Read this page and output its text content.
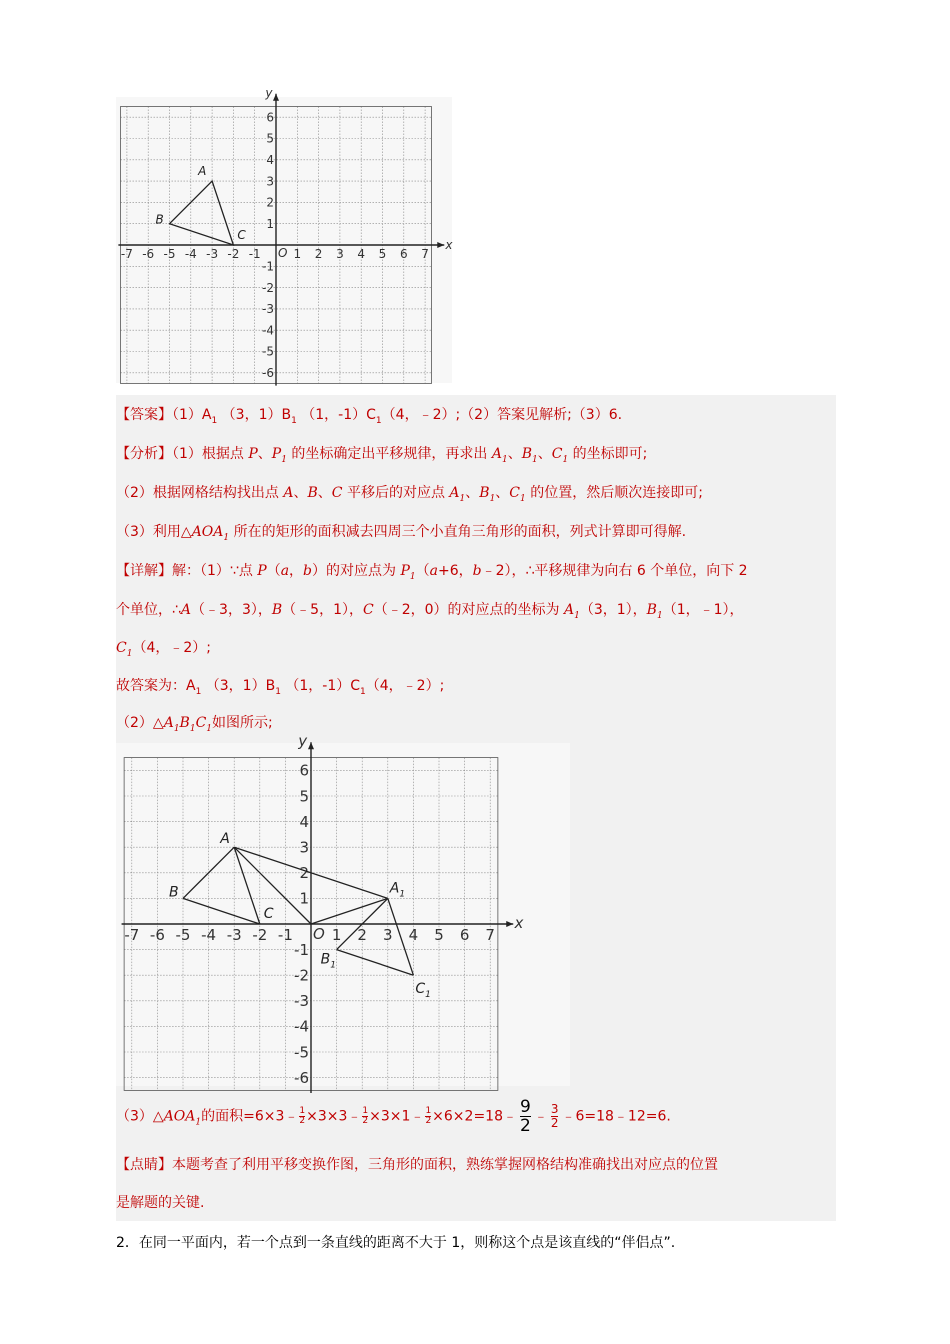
x
y
O
-7 -6 -5 -4 -3 -2 -1	1 2 3 4 5 6 7
6
5
4
3
2
1
-1
-2
-3
-4
-5
-6
A
B
C
【答案】$(1)A_1$ （3，$1)B_1$ （1，$-1)C_1(4$，﹣2）;（2）答案见解析;（3）6.
【分析】（1）根据点 P、$P_1$ 的坐标确定出平移规律，再求出 $A_1$、$B_1$、$C_1$ 的坐标即可;
（2）根据网格结构找出点 A、B、C 平移后的对应点 $A_1$、$B_1$、$C_1$ 的位置，然后顺次连接即可;
（3）利用$\triangle AOA_1$ 所在的矩形的面积减去四周三个小直角三角形的面积，列式计算即可得解.
【详解】解：（1）∵点 P（a，b）的对应点为 $P_1(a+6$，b﹣2），∴平移规律为向右 6 个单位，向下 2
个单位，∴A（﹣3，3），B（﹣5，1），C（﹣2，0）的对应点的坐标为 $A_1(3$，1），$B_1(1$，﹣1），
$C_1(4$，﹣2）;
故答案为：$A_1$ （3，$1)B_1$ （1，$-1)C_1(4$，﹣2）;
$(2)\triangle A_1B_1C_1$如图所示;
x
y
O
-7 -6 -5 -4 -3 -2 -1	1 2 3 4 5 6 7
6
5
4
3
2
1
-1
-2
-3
-4
-5
-6
A
B
C
$A_1$
$B_1$
$C_1$
$(3)\triangle AOA_1$的面积=6×3﹣ $\frac{1}{2}$ ×3×3﹣ $\frac{1}{2}$ ×3×1﹣ $\frac{1}{2}$ ×6×2=18﹣ $\frac{9}{2}$ ﹣ $\frac{3}{2}$ ﹣6=18﹣12=6.
【点睛】本题考查了利用平移变换作图，三角形的面积，熟练掌握网格结构准确找出对应点的位置
是解题的关键.
2．在同一平面内，若一个点到一条直线的距离不大于 1，则称这个点是该直线的“伴侣点”.
